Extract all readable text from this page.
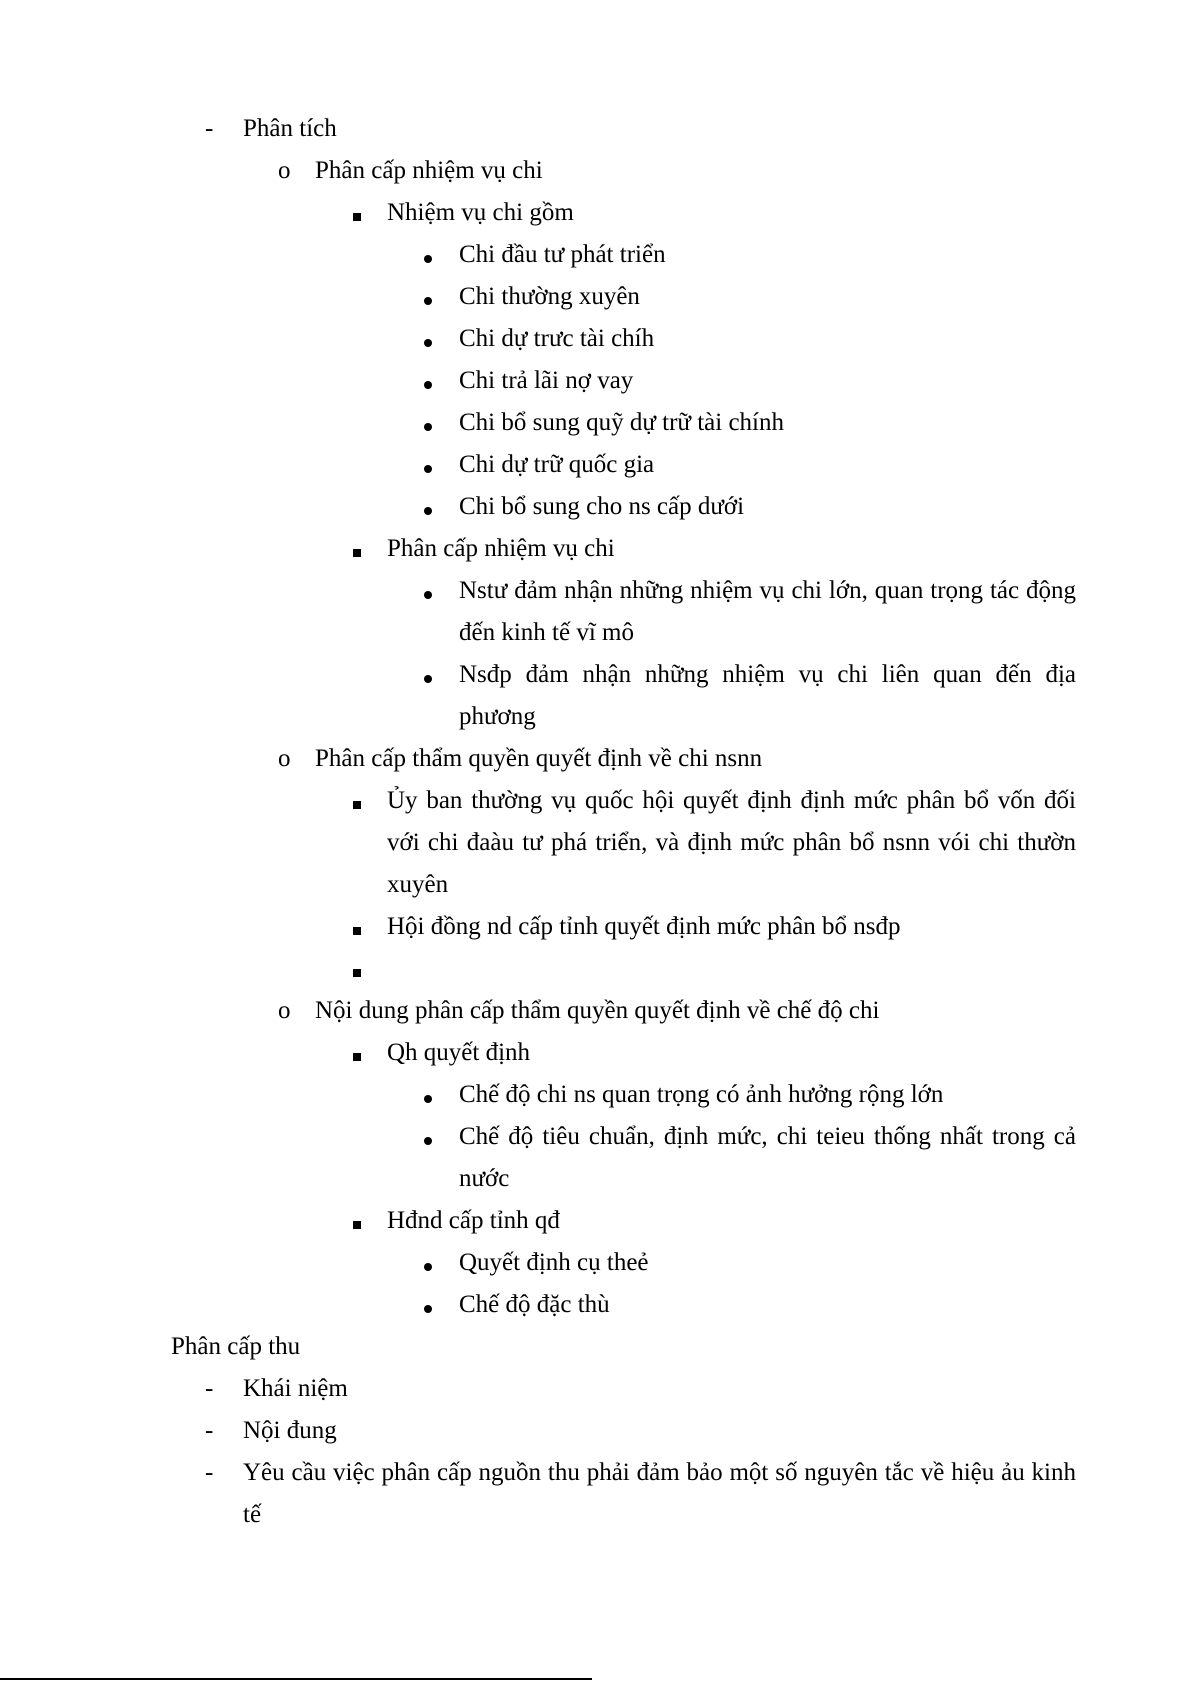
- Phân tích
o Phân cấp nhiệm vụ chi
Nhiệm vụ chi gồm
Chi đầu tư phát triển
Chi thường xuyên
Chi dự trưc tài chíh
Chi trả lãi nợ vay
Chi bổ sung quỹ dự trữ tài chính
Chi dự trữ quốc gia
Chi bổ sung cho ns cấp dưới
Phân cấp nhiệm vụ chi
Nstư đảm nhận những nhiệm vụ chi lớn, quan trọng tác động đến kinh tế vĩ mô
Nsđp đảm nhận những nhiệm vụ chi liên quan đến địa phương
o Phân cấp thẩm quyền quyết định về chi nsnn
Ủy ban thường vụ quốc hội quyết định định mức phân bổ vốn đối với chi đaàu tư phá triển, và định mức phân bổ nsnn vói chi thườn xuyên
Hội đồng nd cấp tỉnh quyết định mức phân bổ nsđp
o Nội dung phân cấp thẩm quyền quyết định về chế độ chi
Qh quyết định
Chế độ chi ns quan trọng có ảnh hưởng rộng lớn
Chế độ tiêu chuẩn, định mức, chi teieu thống nhất trong cả nước
Hđnd cấp tỉnh qđ
Quyết định cụ theẻ
Chế độ đặc thù
Phân cấp thu
- Khái niệm
- Nội đung
- Yêu cầu việc phân cấp nguồn thu phải đảm bảo một số nguyên tắc về hiệu ảu kinh tế
